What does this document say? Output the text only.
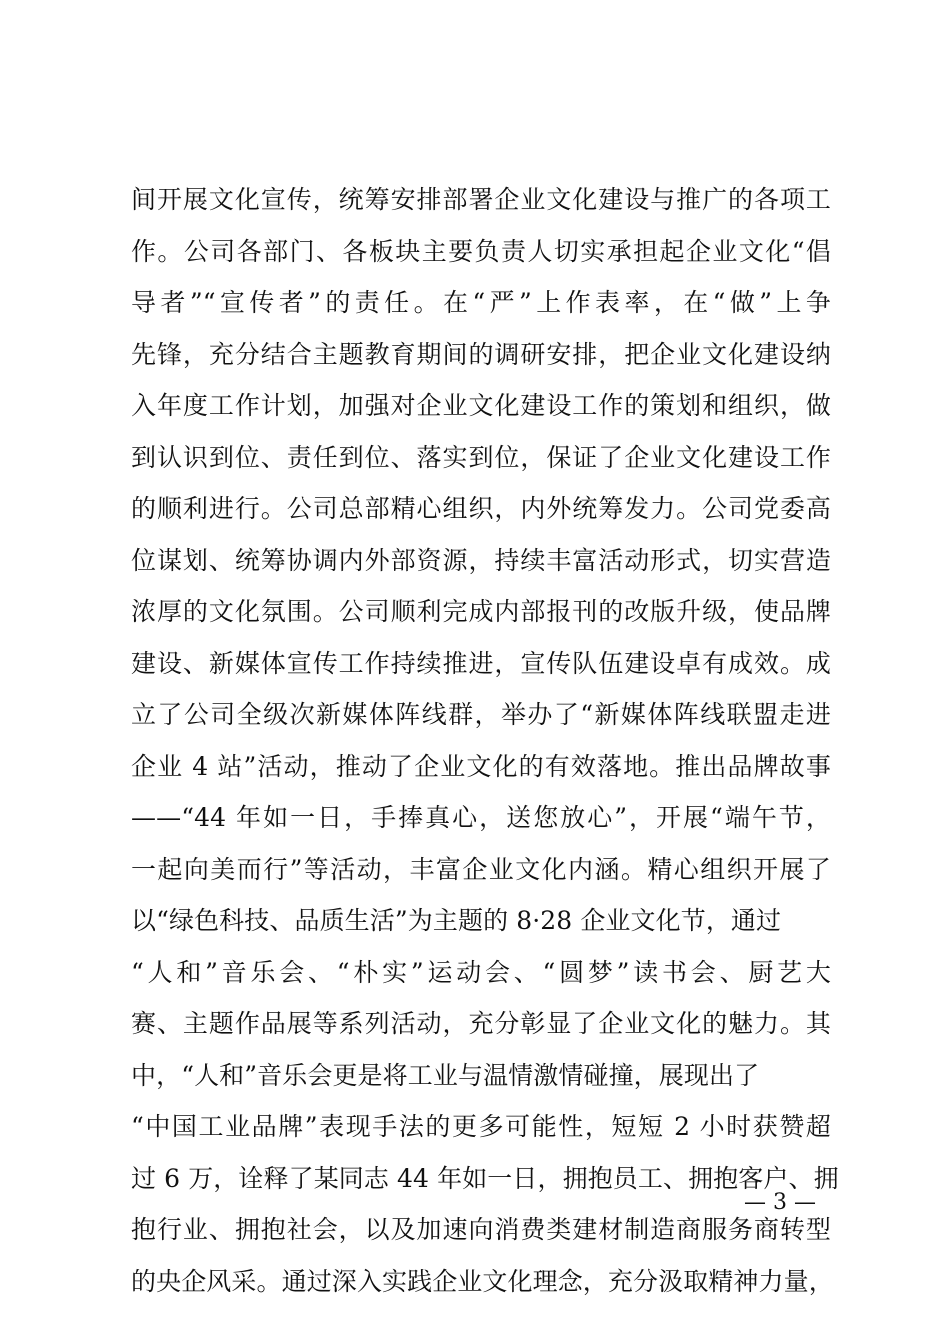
间开展文化宣传，统筹安排部署企业文化建设与推广的各项工
作。公司各部门、各板块主要负责人切实承担起企业文化“倡
导者”“宣传者”的责任。在“严”上作表率，在“做”上争
先锋，充分结合主题教育期间的调研安排，把企业文化建设纳
入年度工作计划，加强对企业文化建设工作的策划和组织，做
到认识到位、责任到位、落实到位，保证了企业文化建设工作
的顺利进行。公司总部精心组织，内外统筹发力。公司党委高
位谋划、统筹协调内外部资源，持续丰富活动形式，切实营造
浓厚的文化氛围。公司顺利完成内部报刊的改版升级，使品牌
建设、新媒体宣传工作持续推进，宣传队伍建设卓有成效。成
立了公司全级次新媒体阵线群，举办了“新媒体阵线联盟走进
企业 4 站”活动，推动了企业文化的有效落地。推出品牌故事
——“44 年如一日，手捧真心，送您放心”，开展“端午节，
一起向美而行”等活动，丰富企业文化内涵。精心组织开展了
以“绿色科技、品质生活”为主题的 8·28 企业文化节，通过
“人和”音乐会、“朴实”运动会、“圆梦”读书会、厨艺大
赛、主题作品展等系列活动，充分彰显了企业文化的魅力。其
中，“人和”音乐会更是将工业与温情激情碰撞，展现出了
“中国工业品牌”表现手法的更多可能性，短短 2 小时获赞超
过 6 万，诠释了某同志 44 年如一日，拥抱员工、拥抱客户、拥
抱行业、拥抱社会，以及加速向消费类建材制造商服务商转型
的央企风采。通过深入实践企业文化理念，充分汲取精神力量，
— 3 —
